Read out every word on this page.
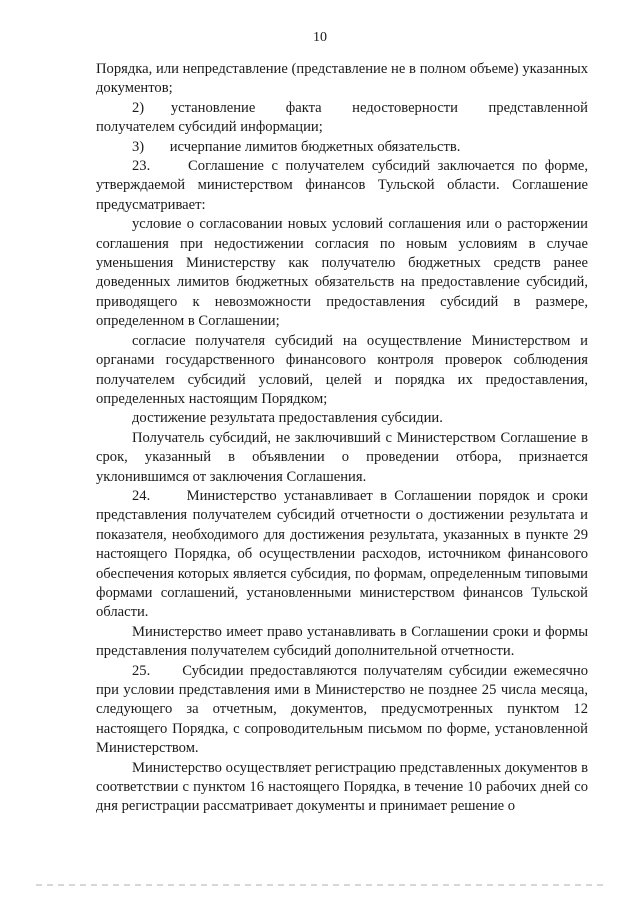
10

Порядка, или непредставление (представление не в полном объеме) указанных документов;

2)       установление        факта        недостоверности        представленной получателем субсидий информации;

3)       исчерпание лимитов бюджетных обязательств.

23.     Соглашение с получателем субсидий заключается по форме, утверждаемой министерством финансов Тульской области. Соглашение предусматривает:

условие о согласовании новых условий соглашения или о расторжении соглашения при недостижении согласия по новым условиям в случае уменьшения Министерству как получателю бюджетных средств ранее доведенных лимитов бюджетных обязательств на предоставление субсидий, приводящего к невозможности предоставления субсидий в размере, определенном в Соглашении;

согласие получателя субсидий на осуществление Министерством и органами государственного финансового контроля проверок соблюдения получателем субсидий условий, целей и порядка их предоставления, определенных настоящим Порядком;

достижение результата предоставления субсидии.

Получатель субсидий, не заключивший с Министерством Соглашение в срок, указанный в объявлении о проведении отбора, признается уклонившимся от заключения Соглашения.

24.     Министерство устанавливает в Соглашении порядок и сроки представления получателем субсидий отчетности о достижении результата и показателя, необходимого для достижения результата, указанных в пункте 29 настоящего Порядка, об осуществлении расходов, источником финансового обеспечения которых является субсидия, по формам, определенным типовыми формами соглашений, установленными министерством финансов Тульской области.

Министерство имеет право устанавливать в Соглашении сроки и формы представления получателем субсидий дополнительной отчетности.

25.     Субсидии предоставляются получателям субсидии ежемесячно при условии представления ими в Министерство не позднее 25 числа месяца, следующего за отчетным, документов, предусмотренных пунктом 12 настоящего Порядка, с сопроводительным письмом по форме, установленной Министерством.

Министерство осуществляет регистрацию представленных документов в соответствии с пунктом 16 настоящего Порядка, в течение 10 рабочих дней со дня регистрации рассматривает документы и принимает решение о
